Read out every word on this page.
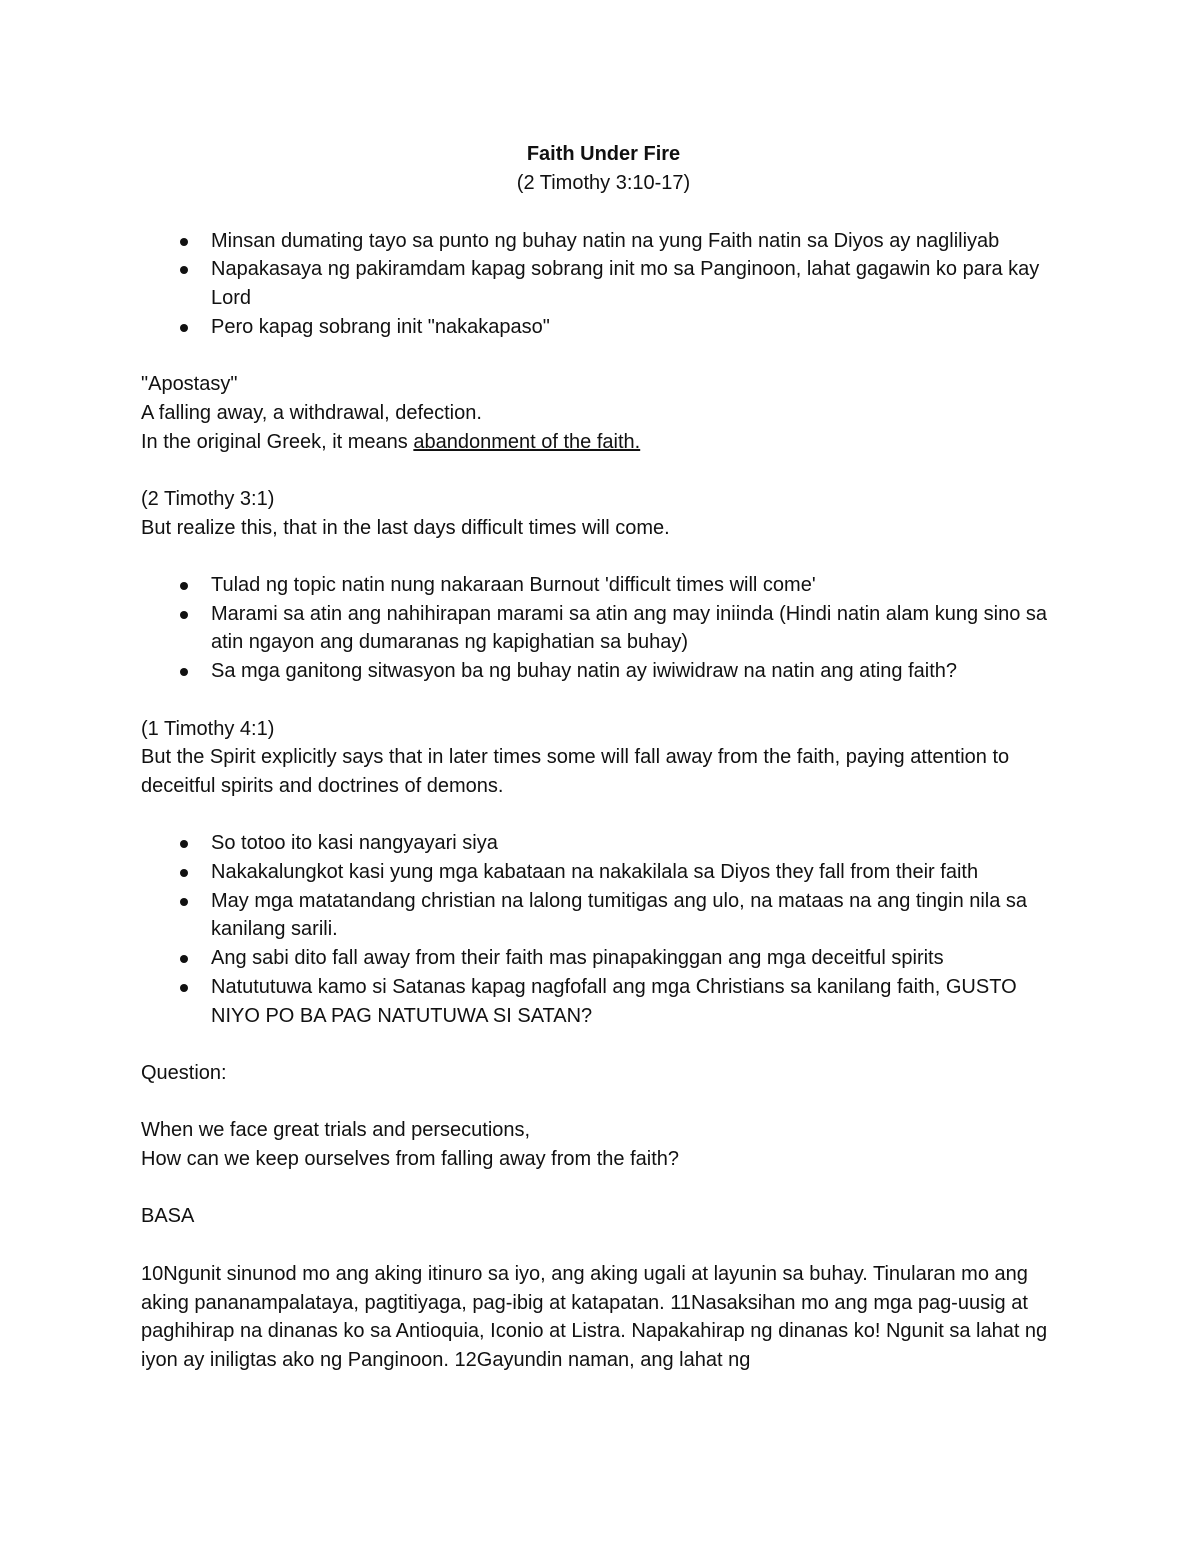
Faith Under Fire

(2 Timothy 3:10-17)

Minsan dumating tayo sa punto ng buhay natin na yung Faith natin sa Diyos ay nagliliyab
Napakasaya ng pakiramdam kapag sobrang init mo sa Panginoon, lahat gagawin ko para kay Lord
Pero kapag sobrang init "nakakapaso"

"Apostasy"

A falling away, a withdrawal, defection.

In the original Greek, it means abandonment of the faith.

(2 Timothy 3:1)

But realize this, that in the last days difficult times will come.

Tulad ng topic natin nung nakaraan Burnout 'difficult times will come'
Marami sa atin ang nahihirapan marami sa atin ang may iniinda (Hindi natin alam kung sino sa atin ngayon ang dumaranas ng kapighatian sa buhay)
Sa mga ganitong sitwasyon ba ng buhay natin ay iwiwidraw na natin ang ating faith?

(1 Timothy 4:1)

But the Spirit explicitly says that in later times some will fall away from the faith, paying attention to deceitful spirits and doctrines of demons.

So totoo ito kasi nangyayari siya
Nakakalungkot kasi yung mga kabataan na nakakilala sa Diyos they fall from their faith
May mga matatandang christian na lalong tumitigas ang ulo, na mataas na ang tingin nila sa kanilang sarili.
Ang sabi dito fall away from their faith mas pinapakinggan ang mga deceitful spirits
Natututuwa kamo si Satanas kapag nagfofall ang mga Christians sa kanilang faith, GUSTO NIYO PO BA PAG NATUTUWA SI SATAN?

Question:

When we face great trials and persecutions,

How can we keep ourselves from falling away from the faith?

BASA

10Ngunit sinunod mo ang aking itinuro sa iyo, ang aking ugali at layunin sa buhay. Tinularan mo ang aking pananampalataya, pagtitiyaga, pag-ibig at katapatan. 11Nasaksihan mo ang mga pag-uusig at paghihirap na dinanas ko sa Antioquia, Iconio at Listra. Napakahirap ng dinanas ko! Ngunit sa lahat ng iyon ay iniligtas ako ng Panginoon. 12Gayundin naman, ang lahat ng
